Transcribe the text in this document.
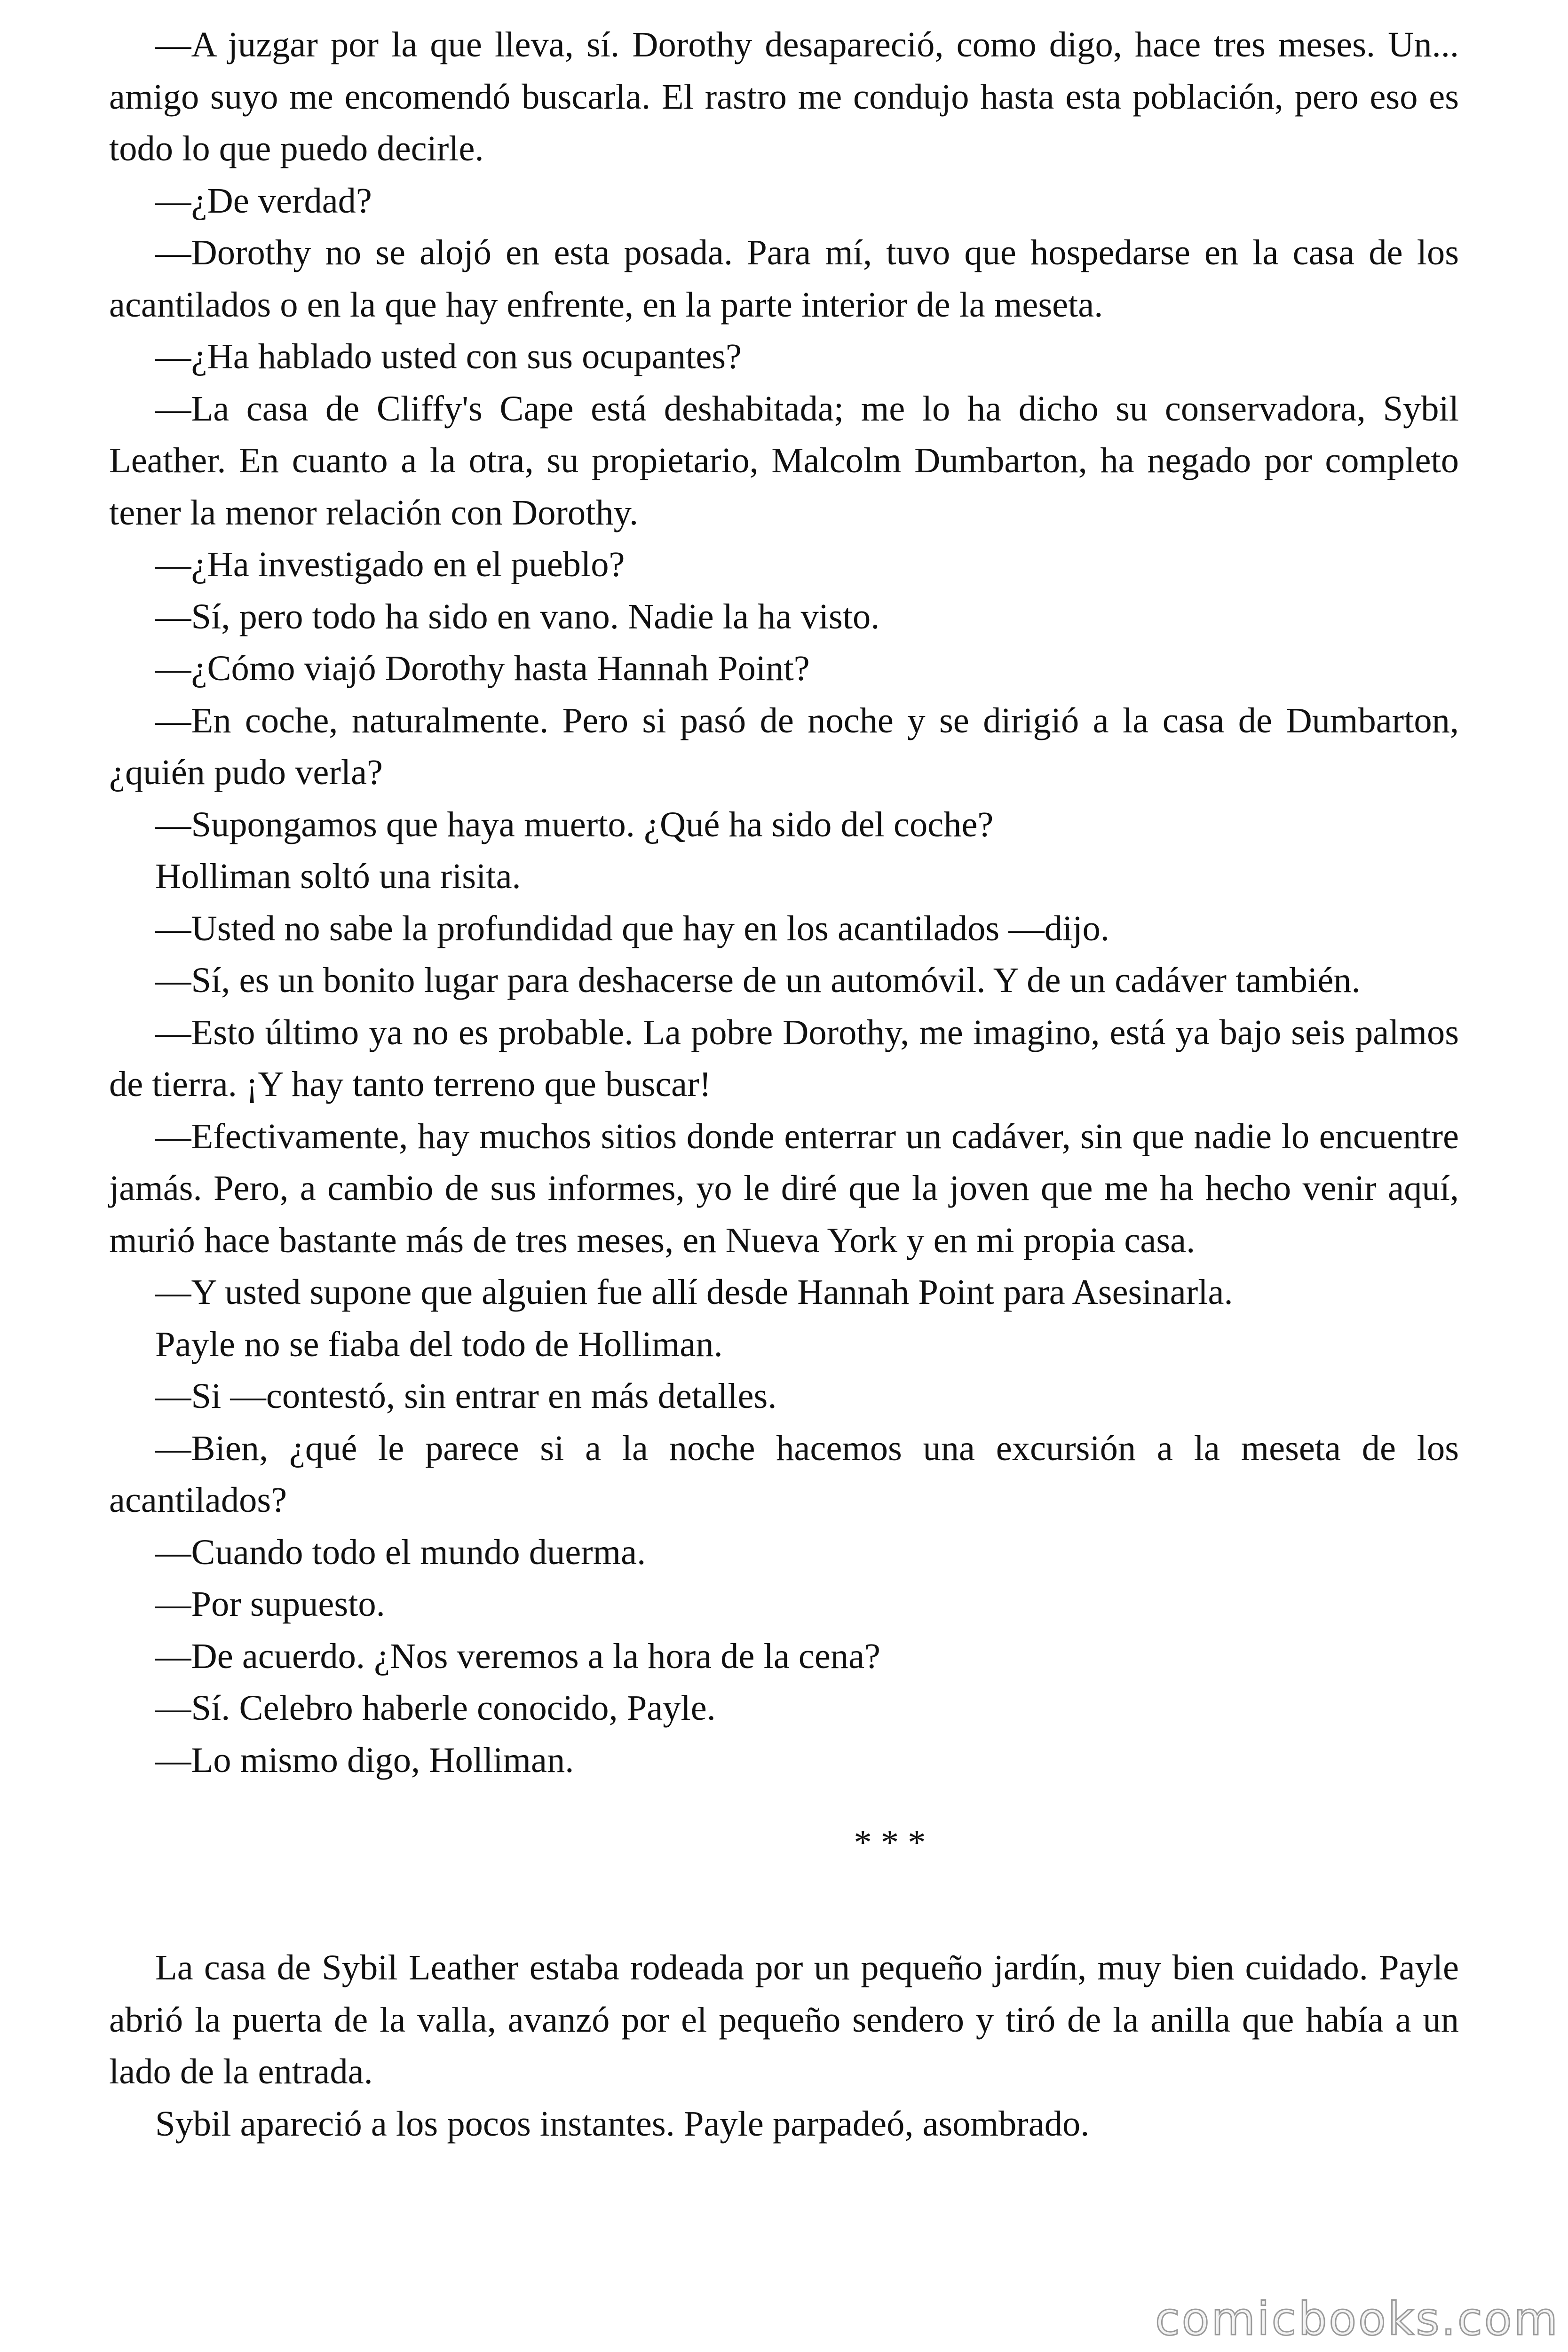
—A juzgar por la que lleva, sí. Dorothy desapareció, como digo, hace tres meses. Un... amigo suyo me encomendó buscarla. El rastro me condujo hasta esta población, pero eso es todo lo que puedo decirle.

—¿De verdad?

—Dorothy no se alojó en esta posada. Para mí, tuvo que hospedarse en la casa de los acantilados o en la que hay enfrente, en la parte interior de la meseta.

—¿Ha hablado usted con sus ocupantes?

—La casa de Cliffy's Cape está deshabitada; me lo ha dicho su conservadora, Sybil Leather. En cuanto a la otra, su propietario, Malcolm Dumbarton, ha negado por completo tener la menor relación con Dorothy.

—¿Ha investigado en el pueblo?

—Sí, pero todo ha sido en vano. Nadie la ha visto.

—¿Cómo viajó Dorothy hasta Hannah Point?

—En coche, naturalmente. Pero si pasó de noche y se dirigió a la casa de Dumbarton, ¿quién pudo verla?

—Supongamos que haya muerto. ¿Qué ha sido del coche?

Holliman soltó una risita.

—Usted no sabe la profundidad que hay en los acantilados —dijo.

—Sí, es un bonito lugar para deshacerse de un automóvil. Y de un cadáver también.

—Esto último ya no es probable. La pobre Dorothy, me imagino, está ya bajo seis palmos de tierra. ¡Y hay tanto terreno que buscar!

—Efectivamente, hay muchos sitios donde enterrar un cadáver, sin que nadie lo encuentre jamás. Pero, a cambio de sus informes, yo le diré que la joven que me ha hecho venir aquí, murió hace bastante más de tres meses, en Nueva York y en mi propia casa.

—Y usted supone que alguien fue allí desde Hannah Point para Asesinarla.

Payle no se fiaba del todo de Holliman.

—Si —contestó, sin entrar en más detalles.

—Bien, ¿qué le parece si a la noche hacemos una excursión a la meseta de los acantilados?

—Cuando todo el mundo duerma.

—Por supuesto.

—De acuerdo. ¿Nos veremos a la hora de la cena?

—Sí. Celebro haberle conocido, Payle.

—Lo mismo digo, Holliman.

* * *

La casa de Sybil Leather estaba rodeada por un pequeño jardín, muy bien cuidado. Payle abrió la puerta de la valla, avanzó por el pequeño sendero y tiró de la anilla que había a un lado de la entrada.

Sybil apareció a los pocos instantes. Payle parpadeó, asombrado.

comicbooks.com
